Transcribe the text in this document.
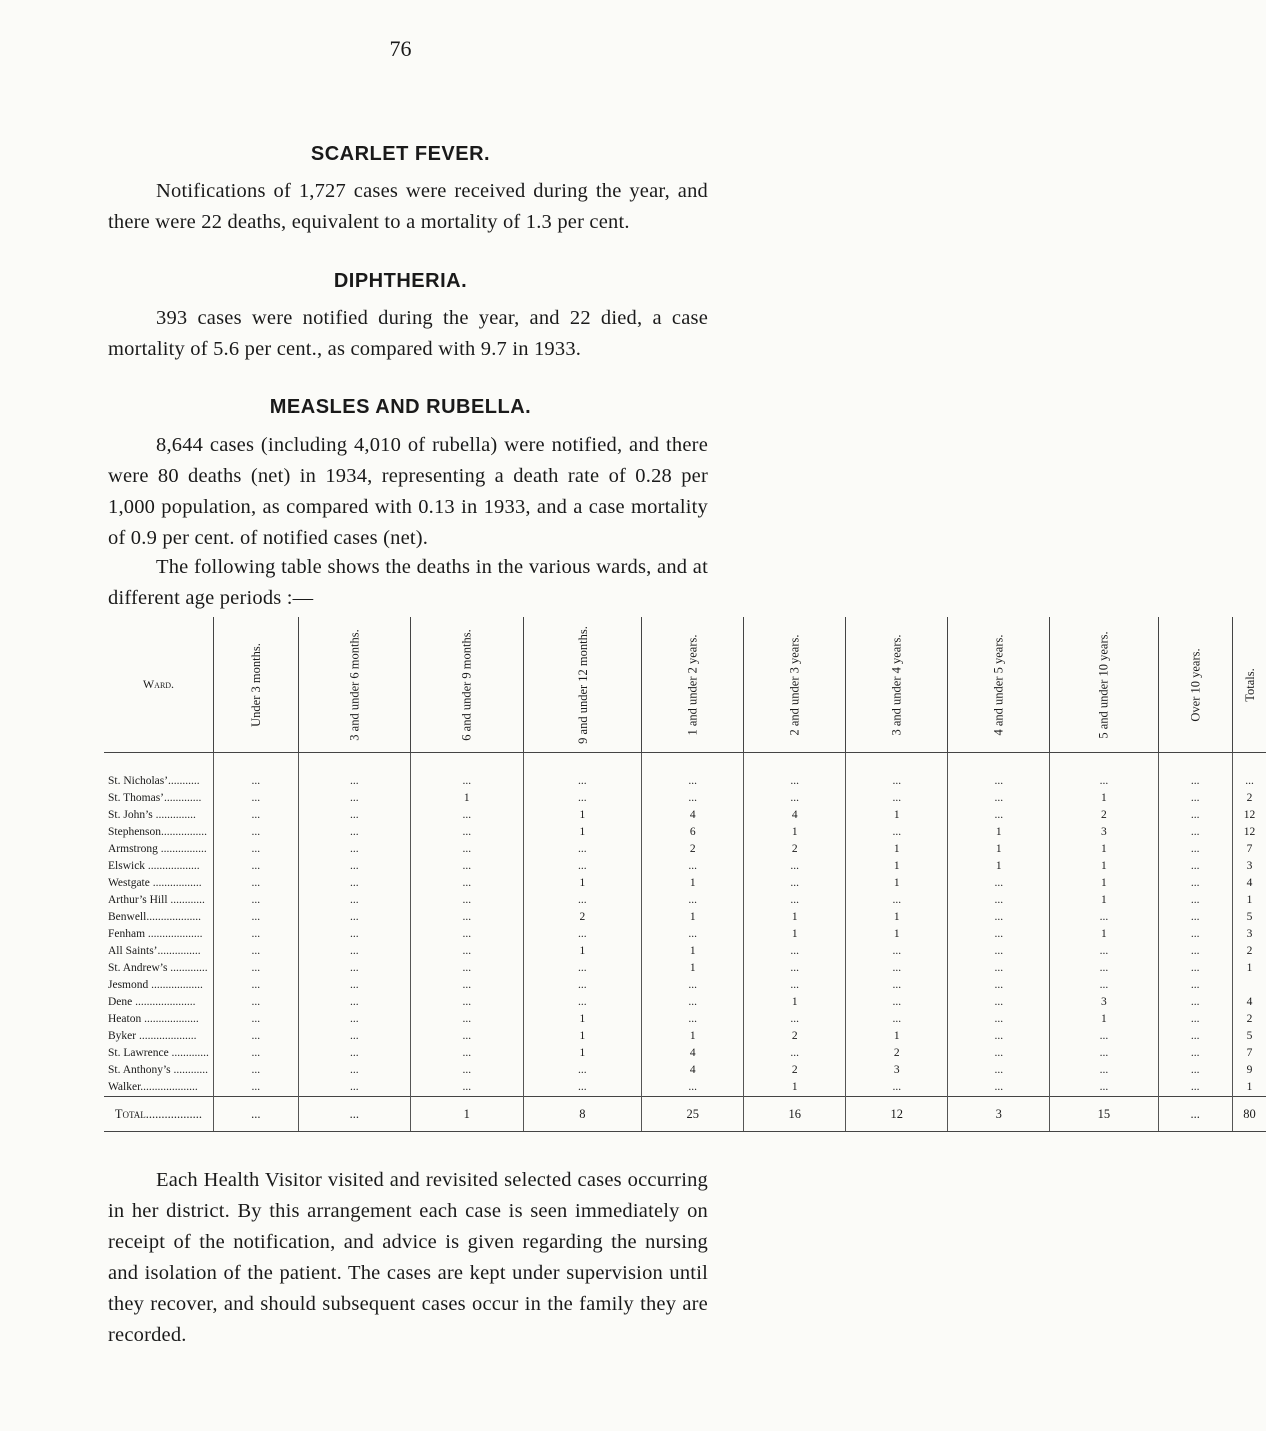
76
SCARLET FEVER.
Notifications of 1,727 cases were received during the year, and there were 22 deaths, equivalent to a mortality of 1.3 per cent.
DIPHTHERIA.
393 cases were notified during the year, and 22 died, a case mortality of 5.6 per cent., as compared with 9.7 in 1933.
MEASLES AND RUBELLA.
8,644 cases (including 4,010 of rubella) were notified, and there were 80 deaths (net) in 1934, representing a death rate of 0.28 per 1,000 population, as compared with 0.13 in 1933, and a case mortality of 0.9 per cent. of notified cases (net).
The following table shows the deaths in the various wards, and at different age periods :—
Ward.	Under 3 months.	3 and under 6 months.	6 and under 9 months.	9 and under 12 months.	1 and under 2 years.	2 and under 3 years.	3 and under 4 years.	4 and under 5 years.	5 and under 10 years.	Over 10 years.	Totals.

St. Nicholas’...........	...	...	...	...	...	...	...	...	...	...	...
St. Thomas’.............	...	...	1	...	...	...	...	...	1	...	2
St. John’s ..............	...	...	...	1	4	4	1	...	2	...	12
Stephenson................	...	...	...	1	6	1	...	1	3	...	12
Armstrong ................	...	...	...	...	2	2	1	1	1	...	7
Elswick ..................	...	...	...	...	...	...	1	1	1	...	3
Westgate .................	...	...	...	1	1	...	1	...	1	...	4
Arthur’s Hill ............	...	...	...	...	...	...	...	...	1	...	1
Benwell...................	...	...	...	2	1	1	1	...	...	...	5
Fenham ...................	...	...	...	...	...	1	1	...	1	...	3
All Saints’...............	...	...	...	1	1	...	...	...	...	...	2
St. Andrew’s .............	...	...	...	...	1	...	...	...	...	...	1
Jesmond ..................	...	...	...	...	...	...	...	...	...	...	
Dene .....................	...	...	...	...	...	1	...	...	3	...	4
Heaton ...................	...	...	...	1	...	...	...	...	1	...	2
Byker ....................	...	...	...	1	1	2	1	...	...	...	5
St. Lawrence .............	...	...	...	1	4	...	2	...	...	...	7
St. Anthony’s ............	...	...	...	...	4	2	3	...	...	...	9
Walker....................	...	...	...	...	...	1	...	...	...	...	1
Total..................	...	...	1	8	25	16	12	3	15	...	80
Each Health Visitor visited and revisited selected cases occurring in her district. By this arrangement each case is seen immediately on receipt of the notification, and advice is given regarding the nursing and isolation of the patient. The cases are kept under supervision until they recover, and should subsequent cases occur in the family they are recorded.
